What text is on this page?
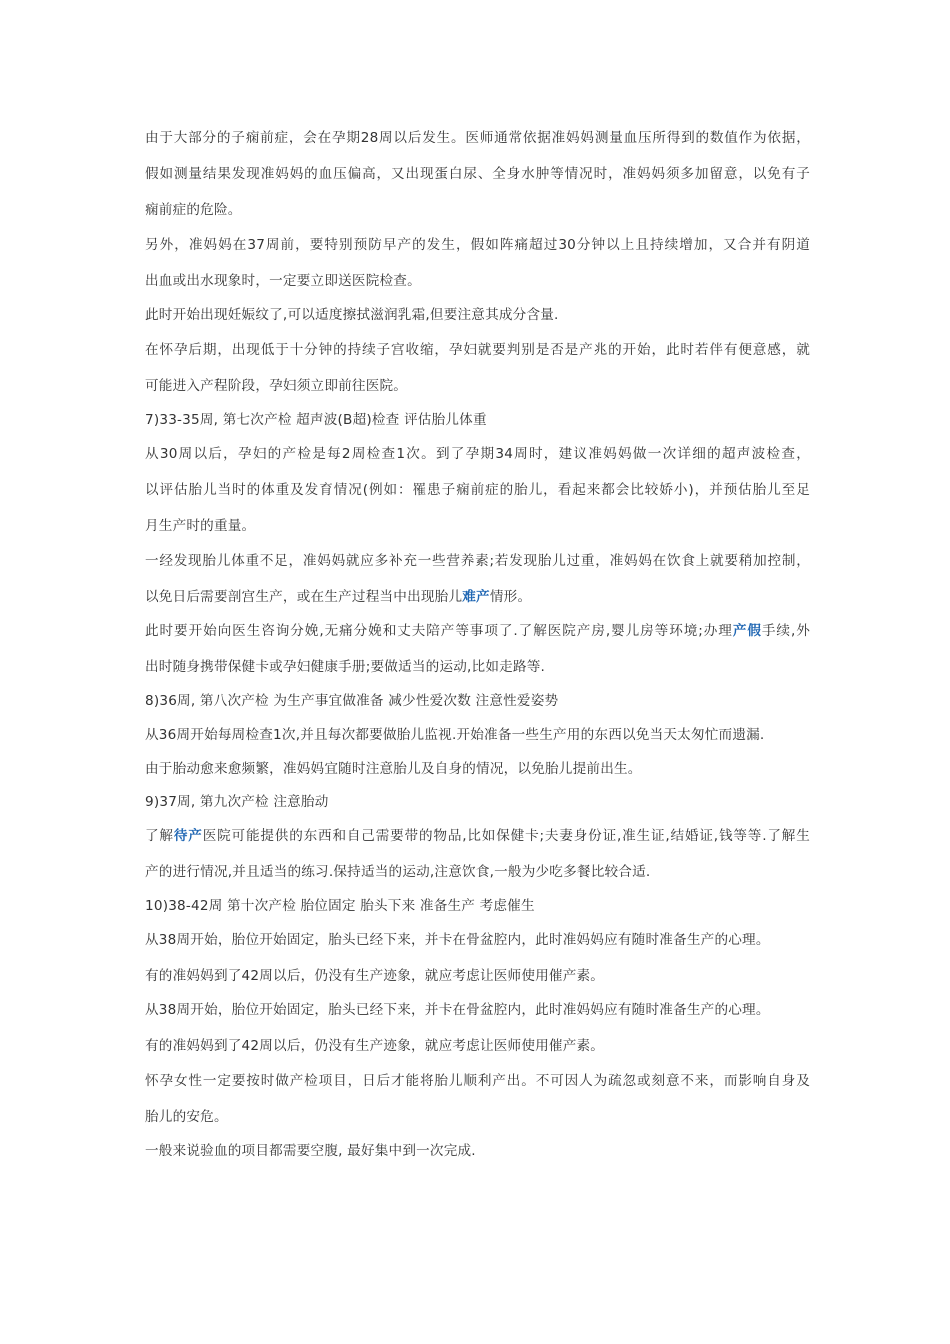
由于大部分的子痫前症，会在孕期28周以后发生。医师通常依据准妈妈测量血压所得到的数值作为依据，
假如测量结果发现准妈妈的血压偏高，又出现蛋白尿、全身水肿等情况时，准妈妈须多加留意，以免有子
痫前症的危险。
另外，准妈妈在37周前，要特别预防早产的发生，假如阵痛超过30分钟以上且持续增加，又合并有阴道
出血或出水现象时，一定要立即送医院检查。
此时开始出现妊娠纹了,可以适度擦拭滋润乳霜,但要注意其成分含量.
在怀孕后期，出现低于十分钟的持续子宫收缩，孕妇就要判别是否是产兆的开始，此时若伴有便意感，就
可能进入产程阶段，孕妇须立即前往医院。
7)33-35周, 第七次产检 超声波(B超)检查 评估胎儿体重
从30周以后，孕妇的产检是每2周检查1次。到了孕期34周时，建议准妈妈做一次详细的超声波检查，
以评估胎儿当时的体重及发育情况(例如：罹患子痫前症的胎儿，看起来都会比较娇小)，并预估胎儿至足
月生产时的重量。
一经发现胎儿体重不足，准妈妈就应多补充一些营养素;若发现胎儿过重，准妈妈在饮食上就要稍加控制，
以免日后需要剖宫生产，或在生产过程当中出现胎儿难产情形。
此时要开始向医生咨询分娩,无痛分娩和丈夫陪产等事项了.了解医院产房,婴儿房等环境;办理产假手续,外
出时随身携带保健卡或孕妇健康手册;要做适当的运动,比如走路等.
8)36周, 第八次产检 为生产事宜做准备 减少性爱次数 注意性爱姿势
从36周开始每周检查1次,并且每次都要做胎儿监视.开始准备一些生产用的东西以免当天太匆忙而遗漏.
由于胎动愈来愈频繁，准妈妈宜随时注意胎儿及自身的情况，以免胎儿提前出生。
9)37周, 第九次产检 注意胎动
了解待产医院可能提供的东西和自己需要带的物品,比如保健卡;夫妻身份证,准生证,结婚证,钱等等.了解生
产的进行情况,并且适当的练习.保持适当的运动,注意饮食,一般为少吃多餐比较合适.
10)38-42周 第十次产检 胎位固定 胎头下来 准备生产 考虑催生
从38周开始，胎位开始固定，胎头已经下来，并卡在骨盆腔内，此时准妈妈应有随时准备生产的心理。
有的准妈妈到了42周以后，仍没有生产迹象，就应考虑让医师使用催产素。
从38周开始，胎位开始固定，胎头已经下来，并卡在骨盆腔内，此时准妈妈应有随时准备生产的心理。
有的准妈妈到了42周以后，仍没有生产迹象，就应考虑让医师使用催产素。
怀孕女性一定要按时做产检项目，日后才能将胎儿顺利产出。不可因人为疏忽或刻意不来，而影响自身及
胎儿的安危。
一般来说验血的项目都需要空腹, 最好集中到一次完成.
